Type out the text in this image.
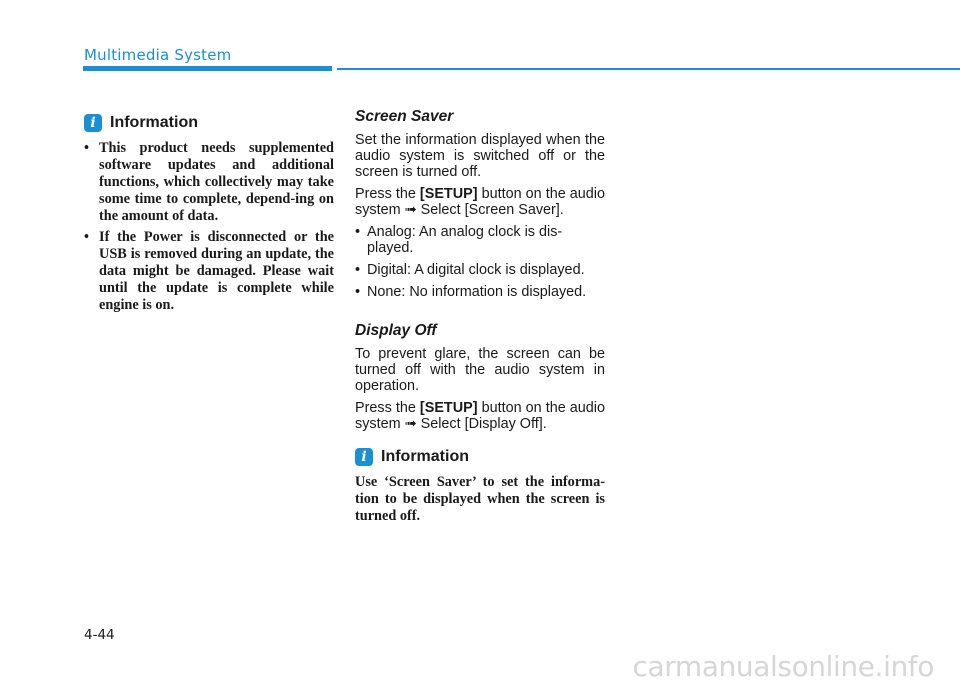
Multimedia System
i Information
• This product needs supplemented software updates and additional functions, which collectively may take some time to complete, depend-ing on the amount of data.
• If the Power is disconnected or the USB is removed during an update, the data might be damaged. Please wait until the update is complete while engine is on.
Screen Saver

Set the information displayed when the audio system is switched off or the screen is turned off.

Press the [SETUP] button on the audio system ➟ Select [Screen Saver].

• Analog: An analog clock is dis-played.
• Digital: A digital clock is displayed.
• None: No information is displayed.
Display Off

To prevent glare, the screen can be turned off with the audio system in operation.

Press the [SETUP] button on the audio system ➟ Select [Display Off].

i Information

Use ‘Screen Saver’ to set the informa-tion to be displayed when the screen is turned off.

4-44
carmanualsonline.info
